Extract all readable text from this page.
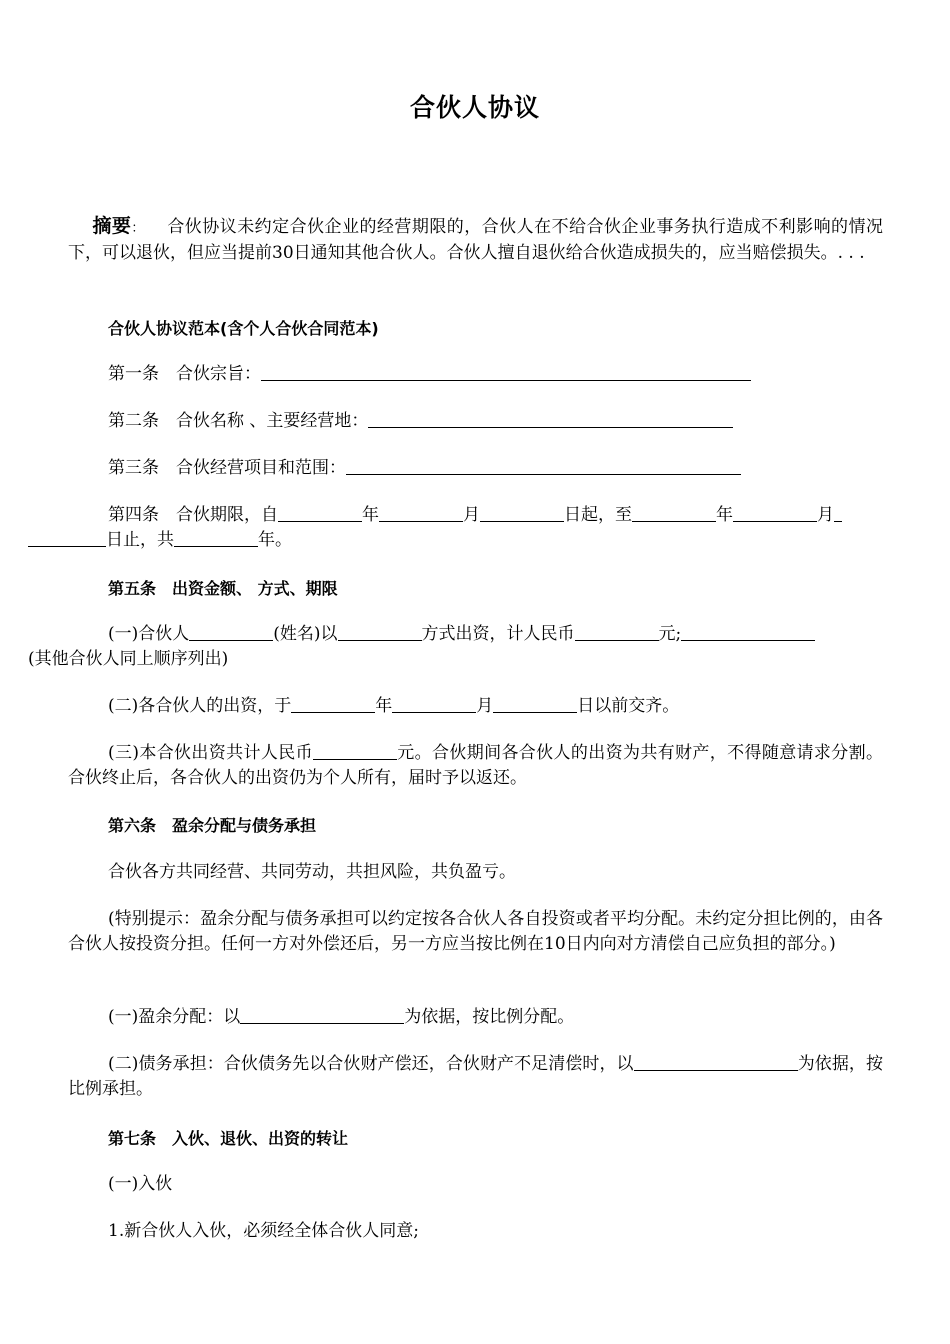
合伙人协议
摘要： 合伙协议未约定合伙企业的经营期限的，合伙人在不给合伙企业事务执行造成不利影响的情况下，可以退伙，但应当提前30日通知其他合伙人。合伙人擅自退伙给合伙造成损失的，应当赔偿损失。. . .
合伙人协议范本(含个人合伙合同范本)
第一条　合伙宗旨：
第二条　合伙名称 、主要经营地：
第三条　合伙经营项目和范围：
第四条　合伙期限，自	年	月	日起，至	年	月
日止，共	年。
第五条　出资金额、 方式、期限
(一)合伙人	(姓名)以	方式出资，计人民币	元;
(其他合伙人同上顺序列出)
(二)各合伙人的出资，于	年	月	日以前交齐。
(三)本合伙出资共计人民币	元。合伙期间各合伙人的出资为共有财产，不得随意请求分割。合伙终止后，各合伙人的出资仍为个人所有，届时予以返还。
第六条　盈余分配与债务承担
合伙各方共同经营、共同劳动，共担风险，共负盈亏。
(特别提示：盈余分配与债务承担可以约定按各合伙人各自投资或者平均分配。未约定分担比例的，由各合伙人按投资分担。任何一方对外偿还后，另一方应当按比例在10日内向对方清偿自己应负担的部分。)
(一)盈余分配：以	为依据，按比例分配。
(二)债务承担：合伙债务先以合伙财产偿还，合伙财产不足清偿时，以	为依据，按比例承担。
第七条　入伙、退伙、出资的转让
(一)入伙
1.新合伙人入伙，必须经全体合伙人同意;
